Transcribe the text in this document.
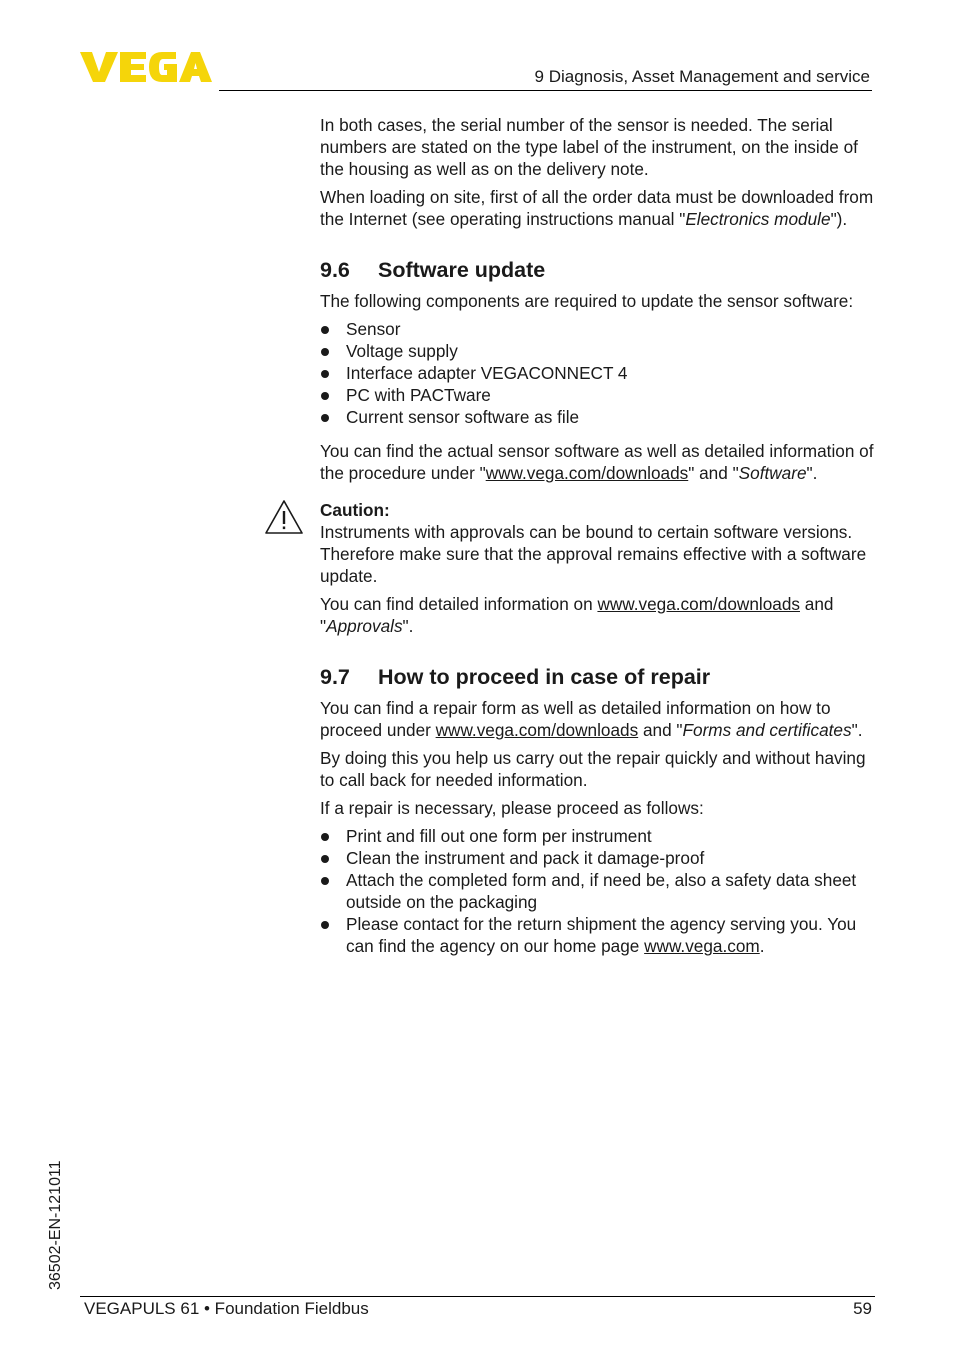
9 Diagnosis, Asset Management and service

In both cases, the serial number of the sensor is needed. The serial numbers are stated on the type label of the instrument, on the inside of the housing as well as on the delivery note.

When loading on site, first of all the order data must be downloaded from the Internet (see operating instructions manual "Electronics module").

9.6 Software update

The following components are required to update the sensor software:

Sensor
Voltage supply
Interface adapter VEGACONNECT 4
PC with PACTware
Current sensor software as file

You can find the actual sensor software as well as detailed information of the procedure under "www.vega.com/downloads" and "Software".

Caution:

Instruments with approvals can be bound to certain software versions. Therefore make sure that the approval remains effective with a software update.

You can find detailed information on www.vega.com/downloads and "Approvals".

9.7 How to proceed in case of repair

You can find a repair form as well as detailed information on how to proceed under www.vega.com/downloads and "Forms and certificates".

By doing this you help us carry out the repair quickly and without having to call back for needed information.

If a repair is necessary, please proceed as follows:

Print and fill out one form per instrument
Clean the instrument and pack it damage-proof
Attach the completed form and, if need be, also a safety data sheet outside on the packaging
Please contact for the return shipment the agency serving you. You can find the agency on our home page www.vega.com.
36502-EN-121011
VEGAPULS 61 • Foundation Fieldbus	59
